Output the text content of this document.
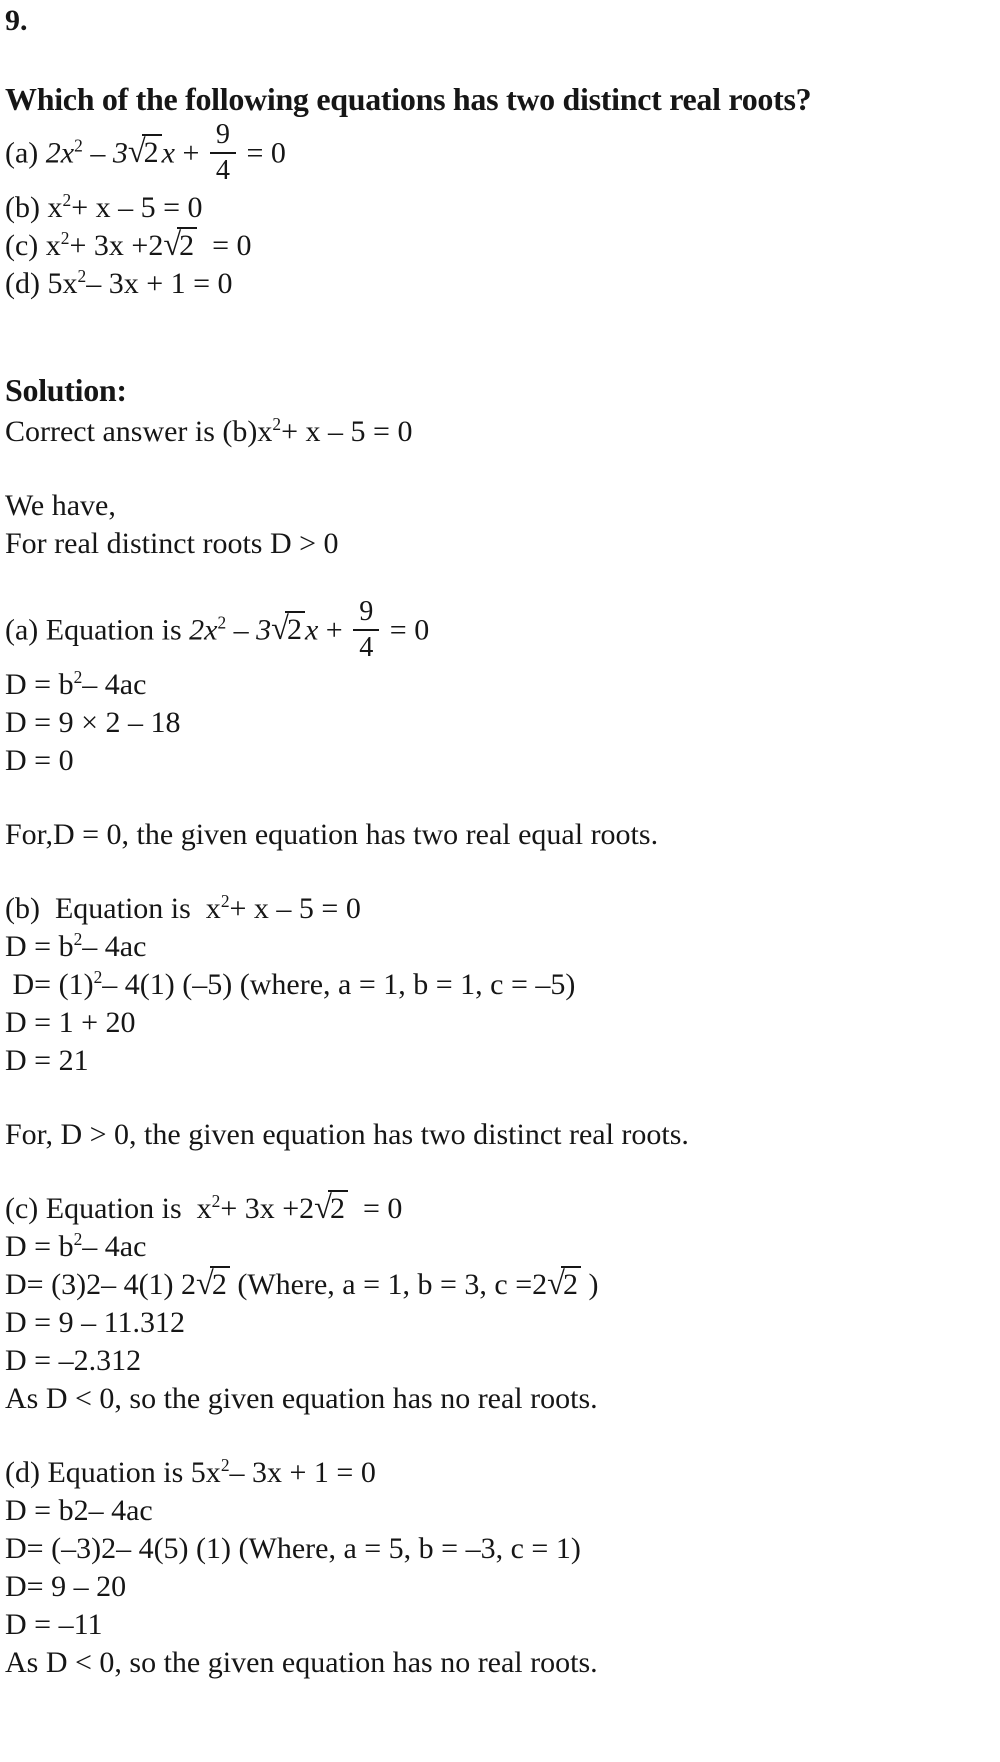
9.
Which of the following equations has two distinct real roots?
(a) $2x^2 - 3√2$ $x + \frac{9}{4} = 0$
(b) $x^2+ x - 5 = 0$
(c) $x^2+ 3x +2√2 = 0$
(d) $5x^2-$ 3x + 1 = 0
Solution:
Correct answer is $(b)x^2+ x - 5 = 0$
We have,
For real distinct roots D > 0
(a) Equation is $2x^2 - 3√2$ $x + \frac{9}{4} = 0$
$D = b^2-$ 4ac
D = 9 × 2 – 18
D = 0
For,D = 0, the given equation has two real equal roots.
(b)  Equation is  $x^2+ x - 5 = 0$
$D = b^2-$ 4ac
$D= (1)^2-$ 4(1) (–5) (where, a = 1, b = 1, c = –5)
D = 1 + 20
D = 21
For, D > 0, the given equation has two distinct real roots.
(c) Equation is  $x^2+ 3x +2√2 = 0$
$D = b^2-$ 4ac
D= (3)2– 4(1) 2√2 (Where, a = 1, b = 3, c =2√2 )
D = 9 – 11.312
D = –2.312
As D < 0, so the given equation has no real roots.
(d) Equation is $5x^2-$ 3x + 1 = 0
D = b2– 4ac
D= (–3)2– 4(5) (1) (Where, a = 5, b = –3, c = 1)
D= 9 – 20
D = –11
As D < 0, so the given equation has no real roots.
